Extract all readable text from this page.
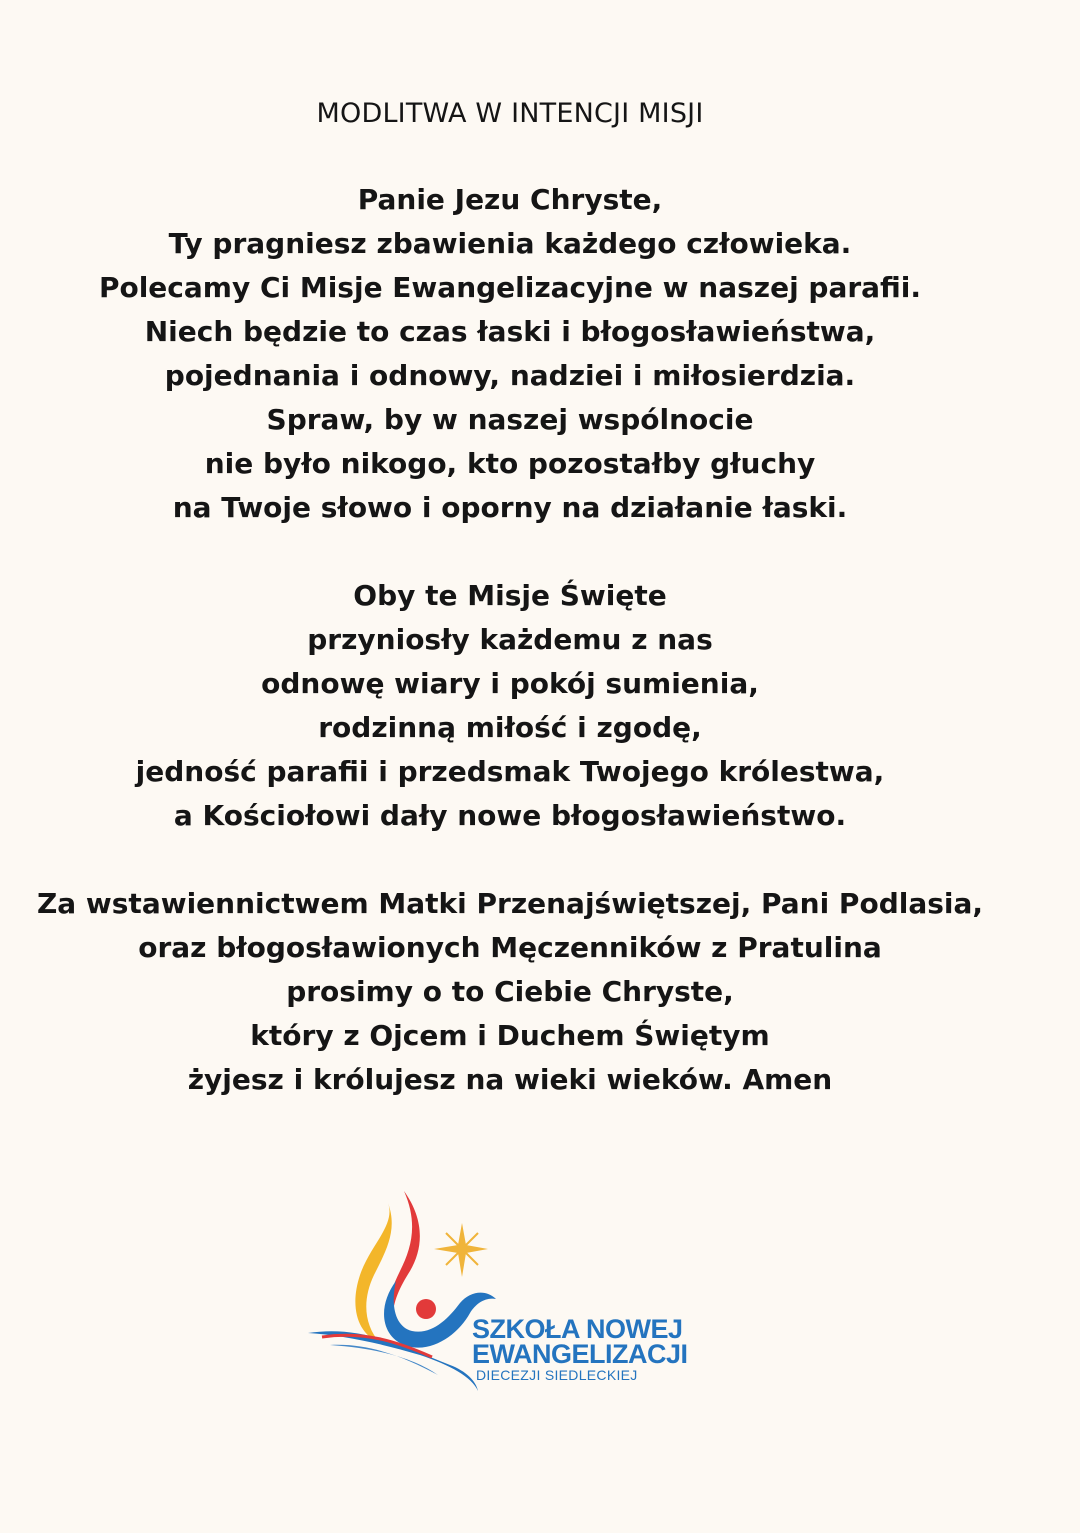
MODLITWA W INTENCJI MISJI

Panie Jezu Chryste,
Ty pragniesz zbawienia każdego człowieka.
Polecamy Ci Misje Ewangelizacyjne w naszej parafii.
Niech będzie to czas łaski i błogosławieństwa,
pojednania i odnowy, nadziei i miłosierdzia.
Spraw, by w naszej wspólnocie
nie było nikogo, kto pozostałby głuchy
na Twoje słowo i oporny na działanie łaski.

Oby te Misje Święte
przyniosły każdemu z nas
odnowę wiary i pokój sumienia,
rodzinną miłość i zgodę,
jedność parafii i przedsmak Twojego królestwa,
a Kościołowi dały nowe błogosławieństwo.

Za wstawiennictwem Matki Przenajświętszej, Pani Podlasia,
oraz błogosławionych Męczenników z Pratulina
prosimy o to Ciebie Chryste,
który z Ojcem i Duchem Świętym
żyjesz i królujesz na wieki wieków. Amen

SZKOŁA NOWEJ
EWANGELIZACJI
DIECEZJI SIEDLECKIEJ
